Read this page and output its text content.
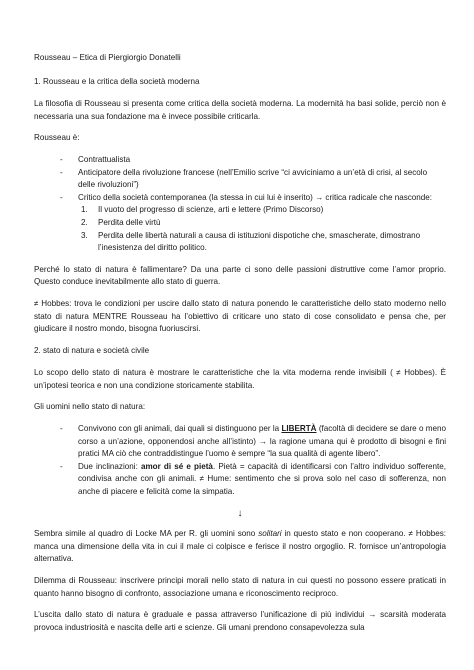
Rousseau – Etica di Piergiorgio Donatelli

1. Rousseau e la critica della società moderna

La filosofia di Rousseau si presenta come critica della società moderna. La modernità ha basi solide, perciò non è necessaria una sua fondazione ma è invece possibile criticarla.

Rousseau è:

- Contrattualista
- Anticipatore della rivoluzione francese (nell’Emilio scrive “ci avviciniamo a un’età di crisi, al secolo delle rivoluzioni”)
- Critico della società contemporanea (la stessa in cui lui è inserito) → critica radicale che nasconde:
1. Il vuoto del progresso di scienze, arti e lettere (Primo Discorso)
2. Perdita delle virtù
3. Perdita delle libertà naturali a causa di istituzioni dispotiche che, smascherate, dimostrano l’inesistenza del diritto politico.

Perché lo stato di natura è fallimentare? Da una parte ci sono delle passioni distruttive come l’amor proprio. Questo conduce inevitabilmente allo stato di guerra.

≠ Hobbes: trova le condizioni per uscire dallo stato di natura ponendo le caratteristiche dello stato moderno nello stato di natura MENTRE Rousseau ha l’obiettivo di criticare uno stato di cose consolidato e pensa che, per giudicare il nostro mondo, bisogna fuoriuscirsi.

2. stato di natura e società civile

Lo scopo dello stato di natura è mostrare le caratteristiche che la vita moderna rende invisibili ( ≠ Hobbes). È un’ipotesi teorica e non una condizione storicamente stabilita.

Gli uomini nello stato di natura:

- Convivono con gli animali, dai quali si distinguono per la LIBERTÀ (facoltà di decidere se dare o meno corso a un’azione, opponendosi anche all’istinto) → la ragione umana qui è prodotto di bisogni e fini pratici MA ciò che contraddistingue l’uomo è sempre “la sua qualità di agente libero”.
- Due inclinazioni: amor di sé e pietà. Pietà = capacità di identificarsi con l’altro individuo sofferente, condivisa anche con gli animali. ≠ Hume: sentimento che si prova solo nel caso di sofferenza, non anche di piacere e felicità come la simpatia.
↓

Sembra simile al quadro di Locke MA per R. gli uomini sono solitari in questo stato e non cooperano. ≠ Hobbes: manca una dimensione della vita in cui il male ci colpisce e ferisce il nostro orgoglio. R. fornisce un’antropologia alternativa.

Dilemma di Rousseau: inscrivere principi morali nello stato di natura in cui questi no possono essere praticati in quanto hanno bisogno di confronto, associazione umana e riconoscimento reciproco.

L’uscita dallo stato di natura è graduale e passa attraverso l’unificazione di più individui → scarsità moderata provoca industriosità e nascita delle arti e scienze. Gli umani prendono consapevolezza sula
